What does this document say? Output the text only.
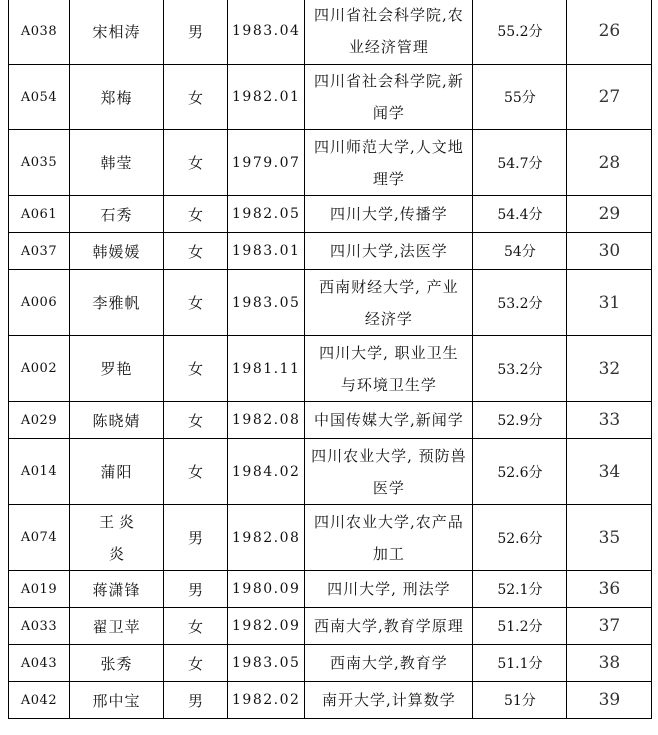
A038	宋相涛	男	1983.04	四川省社会科学院,农
业经济管理	55.2分	26
A054	郑梅	女	1982.01	四川省社会科学院,新
闻学	55分	27
A035	韩莹	女	1979.07	四川师范大学,人文地
理学	54.7分	28
A061	石秀	女	1982.05	四川大学,传播学	54.4分	29
A037	韩媛媛	女	1983.01	四川大学,法医学	54分	30
A006	李雅帆	女	1983.05	西南财经大学, 产业
经济学	53.2分	31
A002	罗艳	女	1981.11	四川大学, 职业卫生
与环境卫生学	53.2分	32
A029	陈晓婧	女	1982.08	中国传媒大学,新闻学	52.9分	33
A014	蒲阳	女	1984.02	四川农业大学, 预防兽
医学	52.6分	34
A074	王 炎 炎	男	1982.08	四川农业大学,农产品
加工	52.6分	35
A019	蒋潇锋	男	1980.09	四川大学, 刑法学	52.1分	36
A033	翟卫苹	女	1982.09	西南大学,教育学原理	51.2分	37
A043	张秀	女	1983.05	西南大学,教育学	51.1分	38
A042	邢中宝	男	1982.02	南开大学,计算数学	51分	39
